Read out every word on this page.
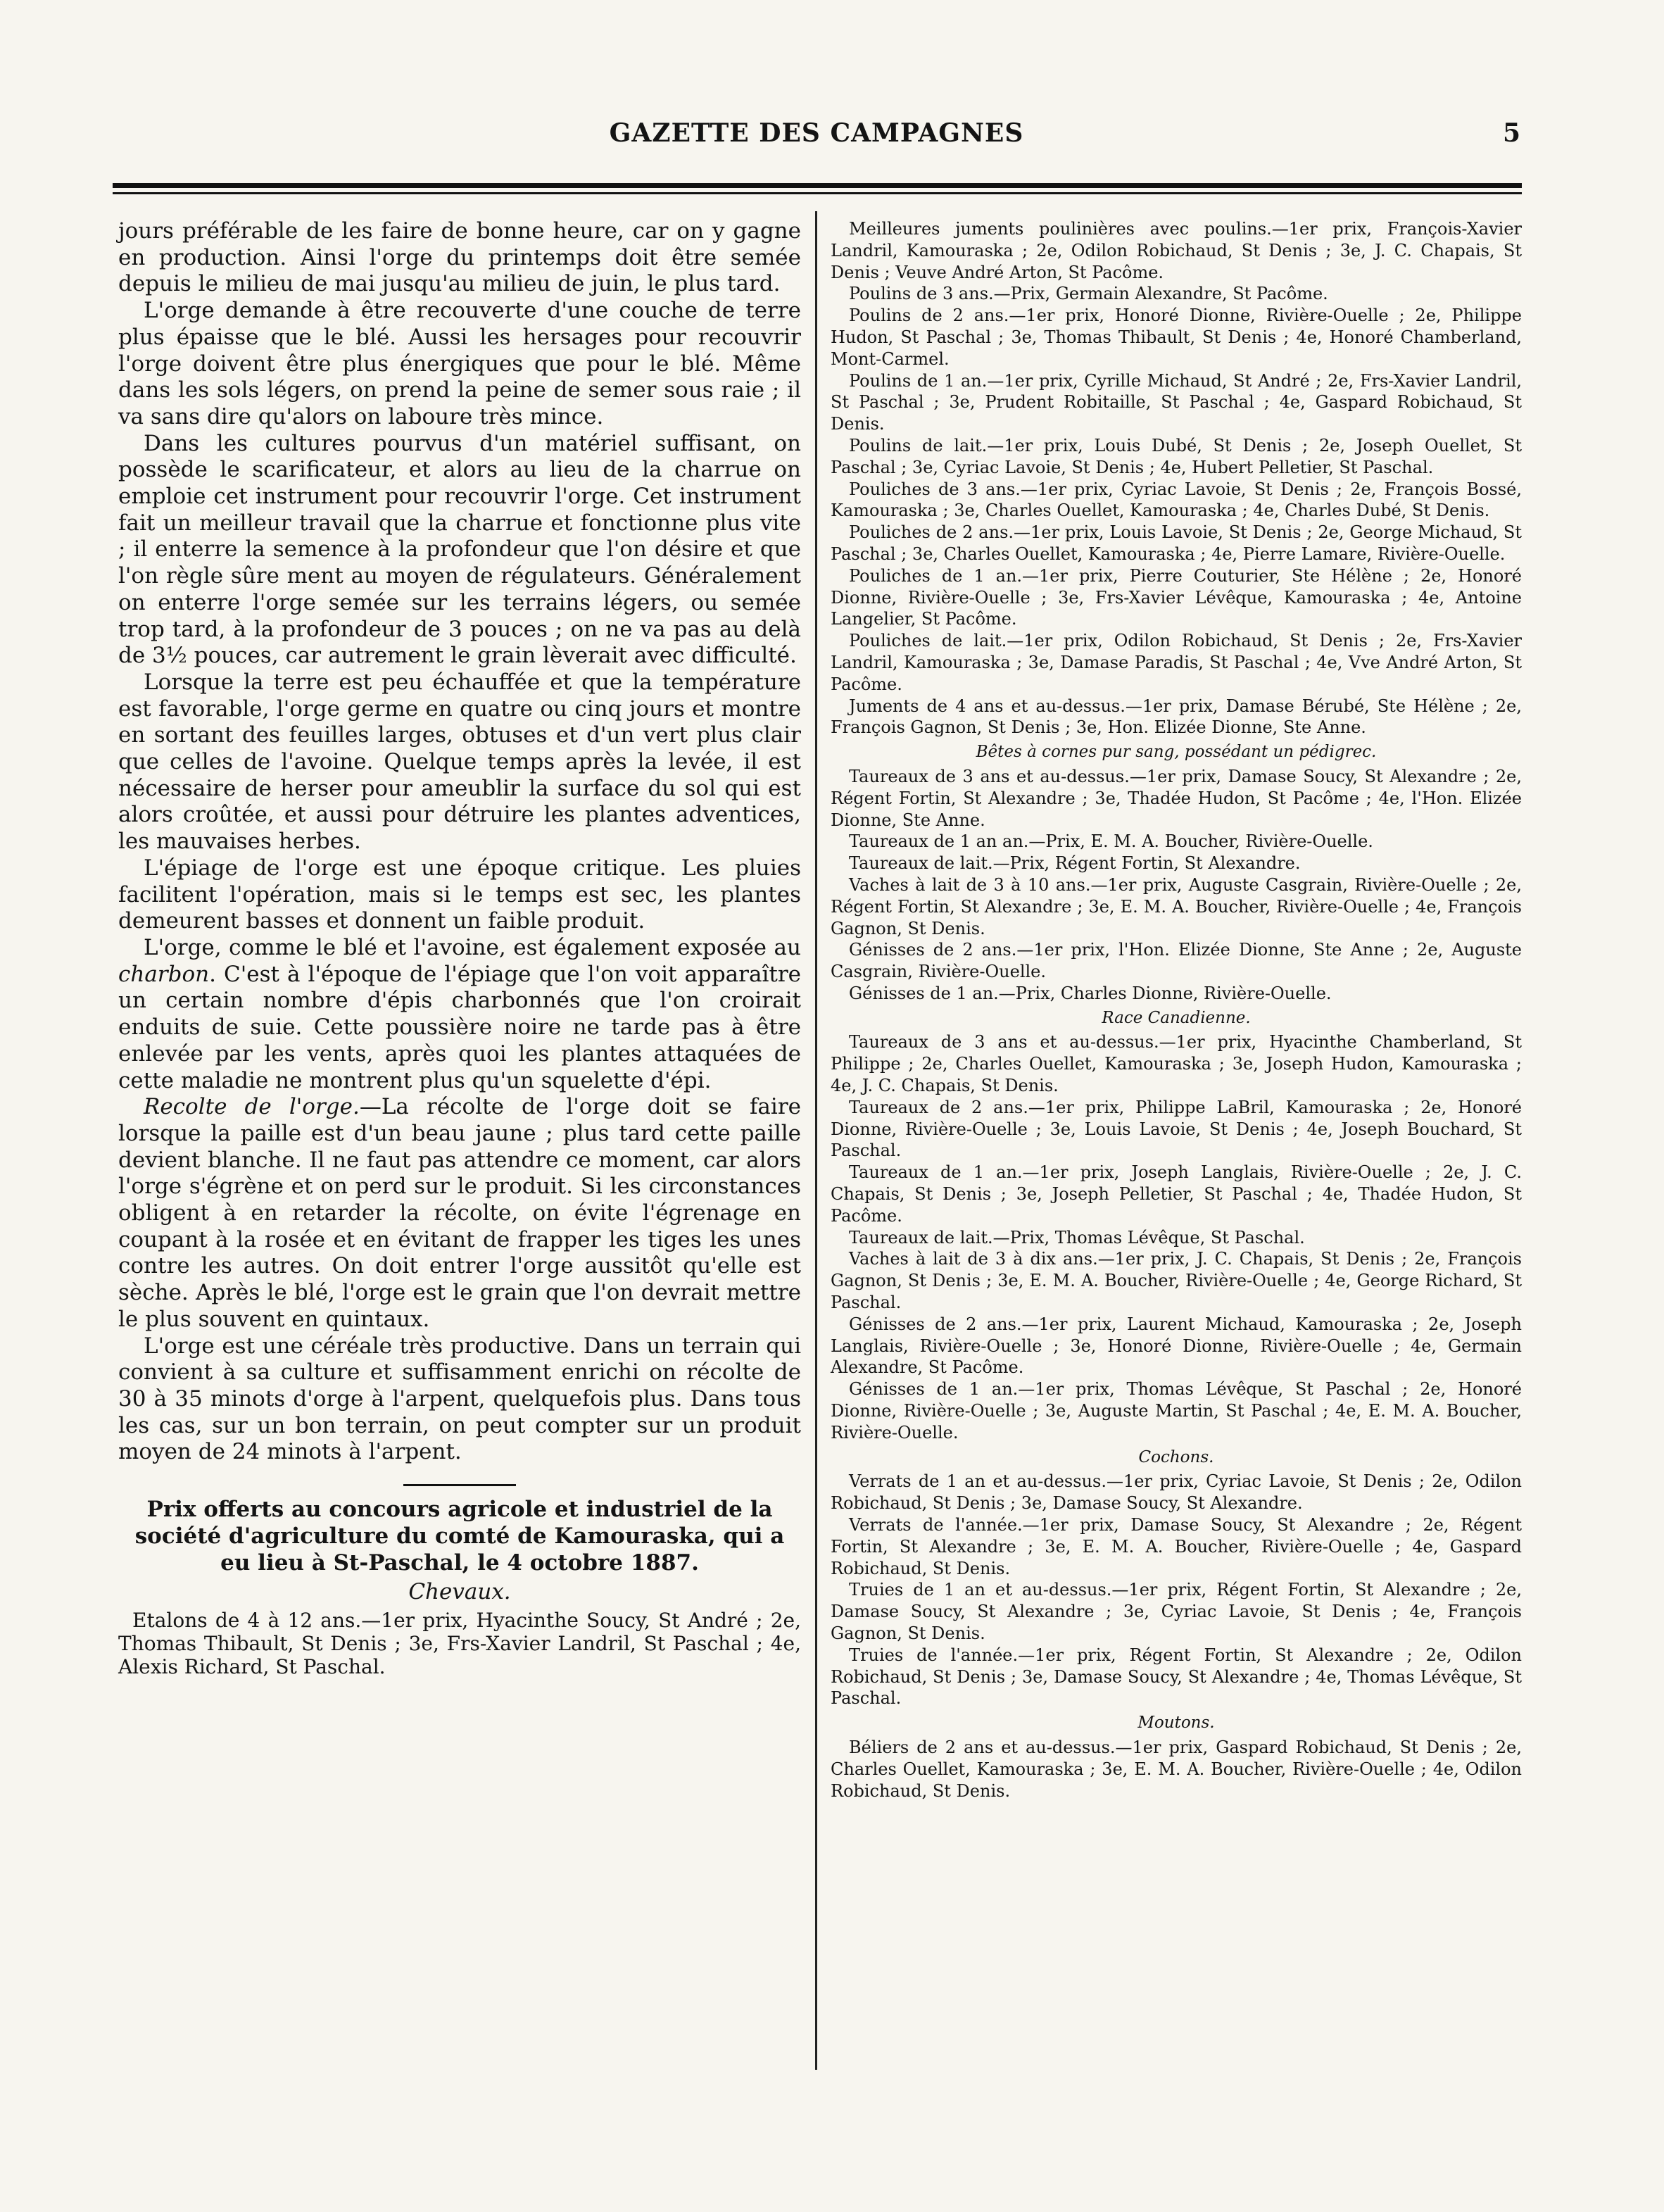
GAZETTE DES CAMPAGNES	5

jours préférable de les faire de bonne heure, car on y gagne en production. Ainsi l'orge du printemps doit être semée depuis le milieu de mai jusqu'au milieu de juin, le plus tard.

L'orge demande à être recouverte d'une couche de terre plus épaisse que le blé. Aussi les hersages pour recouvrir l'orge doivent être plus énergiques que pour le blé. Même dans les sols légers, on prend la peine de semer sous raie ; il va sans dire qu'alors on laboure très mince.

Dans les cultures pourvus d'un matériel suffisant, on possède le scarificateur, et alors au lieu de la charrue on emploie cet instrument pour recouvrir l'orge. Cet instrument fait un meilleur travail que la charrue et fonctionne plus vite ; il enterre la semence à la profondeur que l'on désire et que l'on règle sûre ment au moyen de régulateurs. Généralement on enterre l'orge semée sur les terrains légers, ou semée trop tard, à la profondeur de 3 pouces ; on ne va pas au delà de 3½ pouces, car autrement le grain lèverait avec difficulté.

Lorsque la terre est peu échauffée et que la température est favorable, l'orge germe en quatre ou cinq jours et montre en sortant des feuilles larges, obtuses et d'un vert plus clair que celles de l'avoine. Quelque temps après la levée, il est nécessaire de herser pour ameublir la surface du sol qui est alors croûtée, et aussi pour détruire les plantes adventices, les mauvaises herbes.

L'épiage de l'orge est une époque critique. Les pluies facilitent l'opération, mais si le temps est sec, les plantes demeurent basses et donnent un faible produit.

L'orge, comme le blé et l'avoine, est également exposée au charbon. C'est à l'époque de l'épiage que l'on voit apparaître un certain nombre d'épis charbonnés que l'on croirait enduits de suie. Cette poussière noire ne tarde pas à être enlevée par les vents, après quoi les plantes attaquées de cette maladie ne montrent plus qu'un squelette d'épi.

Recolte de l'orge.—La récolte de l'orge doit se faire lorsque la paille est d'un beau jaune ; plus tard cette paille devient blanche. Il ne faut pas attendre ce moment, car alors l'orge s'égrène et on perd sur le produit. Si les circonstances obligent à en retarder la récolte, on évite l'égrenage en coupant à la rosée et en évitant de frapper les tiges les unes contre les autres. On doit entrer l'orge aussitôt qu'elle est sèche. Après le blé, l'orge est le grain que l'on devrait mettre le plus souvent en quintaux.

L'orge est une céréale très productive. Dans un terrain qui convient à sa culture et suffisamment enrichi on récolte de 30 à 35 minots d'orge à l'arpent, quelquefois plus. Dans tous les cas, sur un bon terrain, on peut compter sur un produit moyen de 24 minots à l'arpent.

Prix offerts au concours agricole et industriel de la société d'agriculture du comté de Kamouraska, qui a eu lieu à St-Paschal, le 4 octobre 1887.

Chevaux.

Etalons de 4 à 12 ans.—1er prix, Hyacinthe Soucy, St André ; 2e, Thomas Thibault, St Denis ; 3e, Frs-Xavier Landril, St Paschal ; 4e, Alexis Richard, St Paschal.

Meilleures juments poulinières avec poulins.—1er prix, François-Xavier Landril, Kamouraska ; 2e, Odilon Robichaud, St Denis ; 3e, J. C. Chapais, St Denis ; Veuve André Arton, St Pacôme.

Poulins de 3 ans.—Prix, Germain Alexandre, St Pacôme.

Poulins de 2 ans.—1er prix, Honoré Dionne, Rivière-Ouelle ; 2e, Philippe Hudon, St Paschal ; 3e, Thomas Thibault, St Denis ; 4e, Honoré Chamberland, Mont-Carmel.

Poulins de 1 an.—1er prix, Cyrille Michaud, St André ; 2e, Frs-Xavier Landril, St Paschal ; 3e, Prudent Robitaille, St Paschal ; 4e, Gaspard Robichaud, St Denis.

Poulins de lait.—1er prix, Louis Dubé, St Denis ; 2e, Joseph Ouellet, St Paschal ; 3e, Cyriac Lavoie, St Denis ; 4e, Hubert Pelletier, St Paschal.

Pouliches de 3 ans.—1er prix, Cyriac Lavoie, St Denis ; 2e, François Bossé, Kamouraska ; 3e, Charles Ouellet, Kamouraska ; 4e, Charles Dubé, St Denis.

Pouliches de 2 ans.—1er prix, Louis Lavoie, St Denis ; 2e, George Michaud, St Paschal ; 3e, Charles Ouellet, Kamouraska ; 4e, Pierre Lamare, Rivière-Ouelle.

Pouliches de 1 an.—1er prix, Pierre Couturier, Ste Hélène ; 2e, Honoré Dionne, Rivière-Ouelle ; 3e, Frs-Xavier Lévêque, Kamouraska ; 4e, Antoine Langelier, St Pacôme.

Pouliches de lait.—1er prix, Odilon Robichaud, St Denis ; 2e, Frs-Xavier Landril, Kamouraska ; 3e, Damase Paradis, St Paschal ; 4e, Vve André Arton, St Pacôme.

Juments de 4 ans et au-dessus.—1er prix, Damase Bérubé, Ste Hélène ; 2e, François Gagnon, St Denis ; 3e, Hon. Elizée Dionne, Ste Anne.

Bêtes à cornes pur sang, possédant un pédigrec.

Taureaux de 3 ans et au-dessus.—1er prix, Damase Soucy, St Alexandre ; 2e, Régent Fortin, St Alexandre ; 3e, Thadée Hudon, St Pacôme ; 4e, l'Hon. Elizée Dionne, Ste Anne.

Taureaux de 1 an an.—Prix, E. M. A. Boucher, Rivière-Ouelle.

Taureaux de lait.—Prix, Régent Fortin, St Alexandre.

Vaches à lait de 3 à 10 ans.—1er prix, Auguste Casgrain, Rivière-Ouelle ; 2e, Régent Fortin, St Alexandre ; 3e, E. M. A. Boucher, Rivière-Ouelle ; 4e, François Gagnon, St Denis.

Génisses de 2 ans.—1er prix, l'Hon. Elizée Dionne, Ste Anne ; 2e, Auguste Casgrain, Rivière-Ouelle.

Génisses de 1 an.—Prix, Charles Dionne, Rivière-Ouelle.

Race Canadienne.

Taureaux de 3 ans et au-dessus.—1er prix, Hyacinthe Chamberland, St Philippe ; 2e, Charles Ouellet, Kamouraska ; 3e, Joseph Hudon, Kamouraska ; 4e, J. C. Chapais, St Denis.

Taureaux de 2 ans.—1er prix, Philippe LaBril, Kamouraska ; 2e, Honoré Dionne, Rivière-Ouelle ; 3e, Louis Lavoie, St Denis ; 4e, Joseph Bouchard, St Paschal.

Taureaux de 1 an.—1er prix, Joseph Langlais, Rivière-Ouelle ; 2e, J. C. Chapais, St Denis ; 3e, Joseph Pelletier, St Paschal ; 4e, Thadée Hudon, St Pacôme.

Taureaux de lait.—Prix, Thomas Lévêque, St Paschal.

Vaches à lait de 3 à dix ans.—1er prix, J. C. Chapais, St Denis ; 2e, François Gagnon, St Denis ; 3e, E. M. A. Boucher, Rivière-Ouelle ; 4e, George Richard, St Paschal.

Génisses de 2 ans.—1er prix, Laurent Michaud, Kamouraska ; 2e, Joseph Langlais, Rivière-Ouelle ; 3e, Honoré Dionne, Rivière-Ouelle ; 4e, Germain Alexandre, St Pacôme.

Génisses de 1 an.—1er prix, Thomas Lévêque, St Paschal ; 2e, Honoré Dionne, Rivière-Ouelle ; 3e, Auguste Martin, St Paschal ; 4e, E. M. A. Boucher, Rivière-Ouelle.

Cochons.

Verrats de 1 an et au-dessus.—1er prix, Cyriac Lavoie, St Denis ; 2e, Odilon Robichaud, St Denis ; 3e, Damase Soucy, St Alexandre.

Verrats de l'année.—1er prix, Damase Soucy, St Alexandre ; 2e, Régent Fortin, St Alexandre ; 3e, E. M. A. Boucher, Rivière-Ouelle ; 4e, Gaspard Robichaud, St Denis.

Truies de 1 an et au-dessus.—1er prix, Régent Fortin, St Alexandre ; 2e, Damase Soucy, St Alexandre ; 3e, Cyriac Lavoie, St Denis ; 4e, François Gagnon, St Denis.

Truies de l'année.—1er prix, Régent Fortin, St Alexandre ; 2e, Odilon Robichaud, St Denis ; 3e, Damase Soucy, St Alexandre ; 4e, Thomas Lévêque, St Paschal.

Moutons.

Béliers de 2 ans et au-dessus.—1er prix, Gaspard Robichaud, St Denis ; 2e, Charles Ouellet, Kamouraska ; 3e, E. M. A. Boucher, Rivière-Ouelle ; 4e, Odilon Robichaud, St Denis.
